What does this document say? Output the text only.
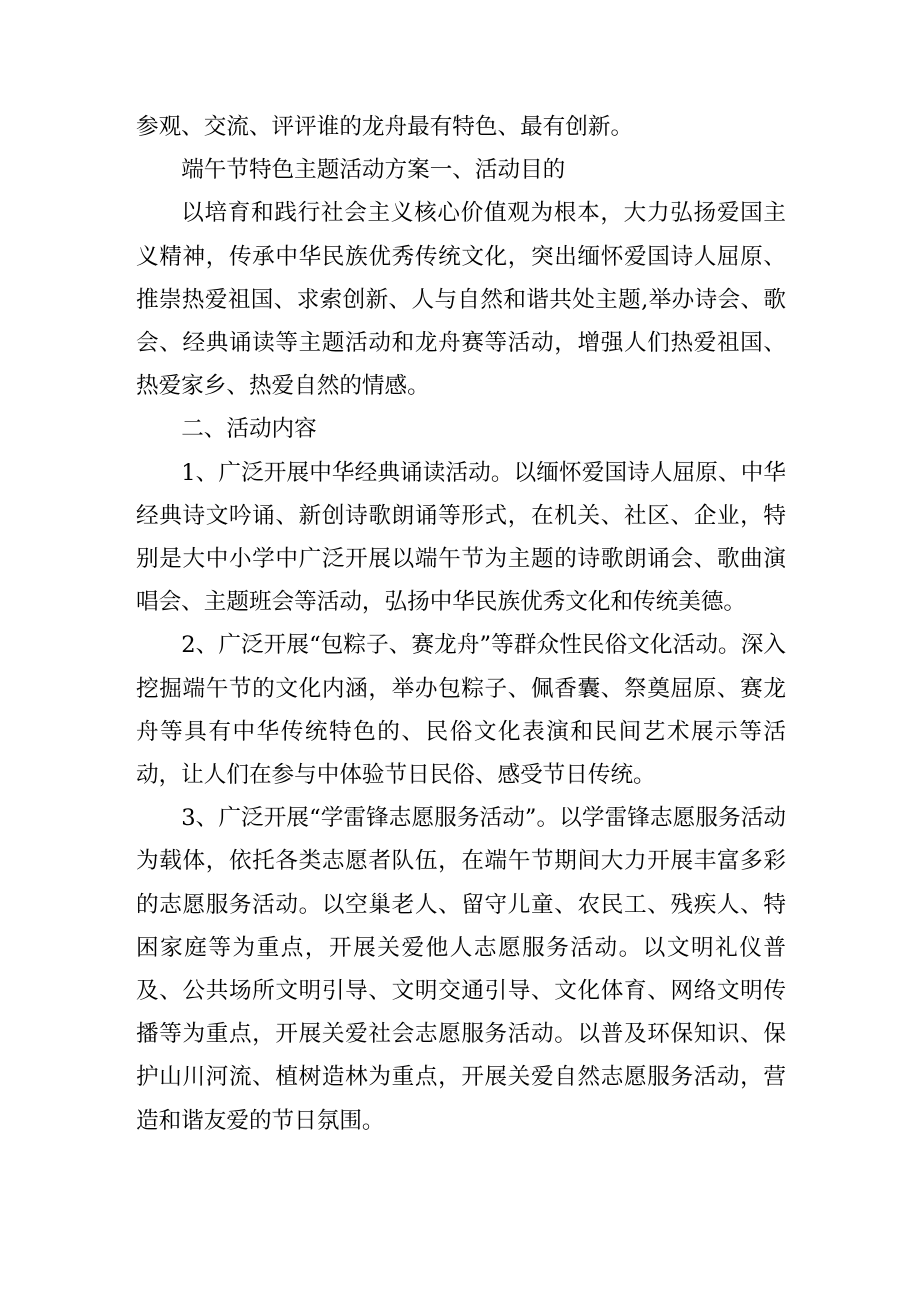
参观、交流、评评谁的龙舟最有特色、最有创新。

端午节特色主题活动方案一、活动目的

以培育和践行社会主义核心价值观为根本，大力弘扬爱国主义精神，传承中华民族优秀传统文化，突出缅怀爱国诗人屈原、推崇热爱祖国、求索创新、人与自然和谐共处主题,举办诗会、歌会、经典诵读等主题活动和龙舟赛等活动，增强人们热爱祖国、热爱家乡、热爱自然的情感。

二、活动内容

1、广泛开展中华经典诵读活动。以缅怀爱国诗人屈原、中华经典诗文吟诵、新创诗歌朗诵等形式，在机关、社区、企业，特别是大中小学中广泛开展以端午节为主题的诗歌朗诵会、歌曲演唱会、主题班会等活动，弘扬中华民族优秀文化和传统美德。

2、广泛开展“包粽子、赛龙舟”等群众性民俗文化活动。深入挖掘端午节的文化内涵，举办包粽子、佩香囊、祭奠屈原、赛龙舟等具有中华传统特色的、民俗文化表演和民间艺术展示等活动，让人们在参与中体验节日民俗、感受节日传统。

3、广泛开展“学雷锋志愿服务活动”。以学雷锋志愿服务活动为载体，依托各类志愿者队伍，在端午节期间大力开展丰富多彩的志愿服务活动。以空巢老人、留守儿童、农民工、残疾人、特困家庭等为重点，开展关爱他人志愿服务活动。以文明礼仪普及、公共场所文明引导、文明交通引导、文化体育、网络文明传播等为重点，开展关爱社会志愿服务活动。以普及环保知识、保护山川河流、植树造林为重点，开展关爱自然志愿服务活动，营造和谐友爱的节日氛围。
